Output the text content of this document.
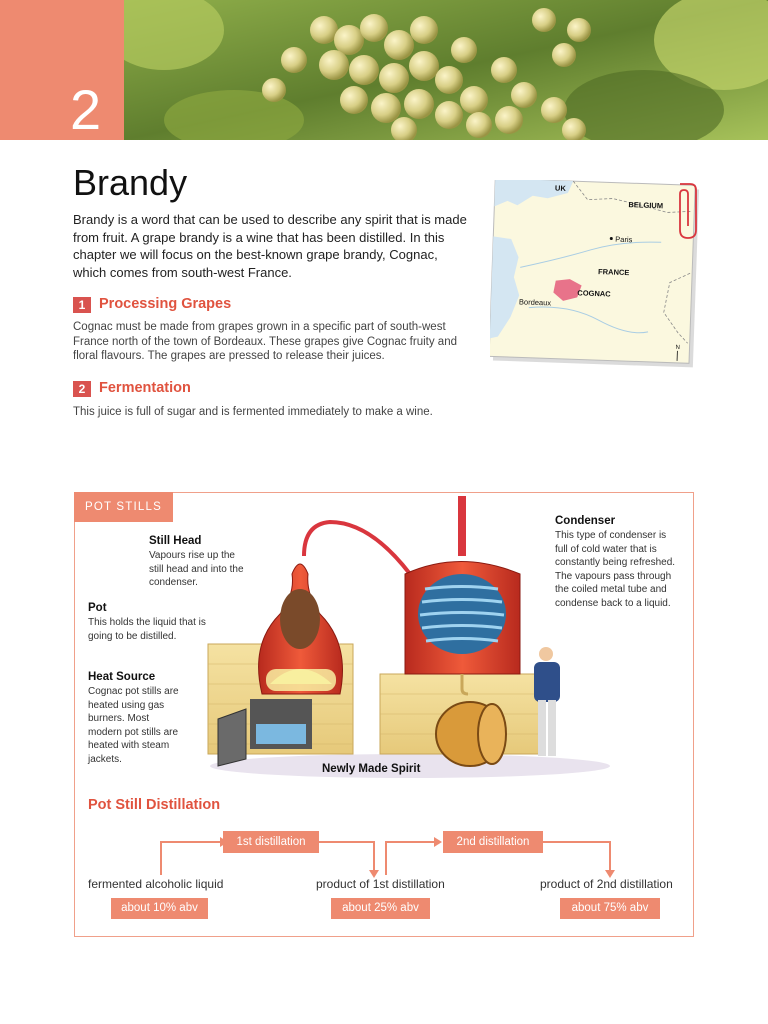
2
Brandy

Brandy is a word that can be used to describe any spirit that is made from fruit. A grape brandy is a wine that has been distilled. In this chapter we will focus on the best-known grape brandy, Cognac, which comes from south-west France.

1 Processing Grapes

Cognac must be made from grapes grown in a specific part of south-west France north of the town of Bordeaux. These grapes give Cognac fruity and floral flavours. The grapes are pressed to release their juices.

2 Fermentation

This juice is full of sugar and is fermented immediately to make a wine.

UK
BELGIUM
Paris
FRANCE
COGNAC
Bordeaux
N
POT STILLS
Still Head

Vapours rise up the still head and into the condenser.

Pot

This holds the liquid that is going to be distilled.

Heat Source

Cognac pot stills are heated using gas burners. Most modern pot stills are heated with steam jackets.

Condenser

This type of condenser is full of cold water that is constantly being refreshed. The vapours pass through the coiled metal tube and condense back to a liquid.

Newly Made Spirit
Pot Still Distillation
1st distillation	2nd distillation
fermented alcoholic liquid	product of 1st distillation	product of 2nd distillation
about 10% abv	about 25% abv	about 75% abv
